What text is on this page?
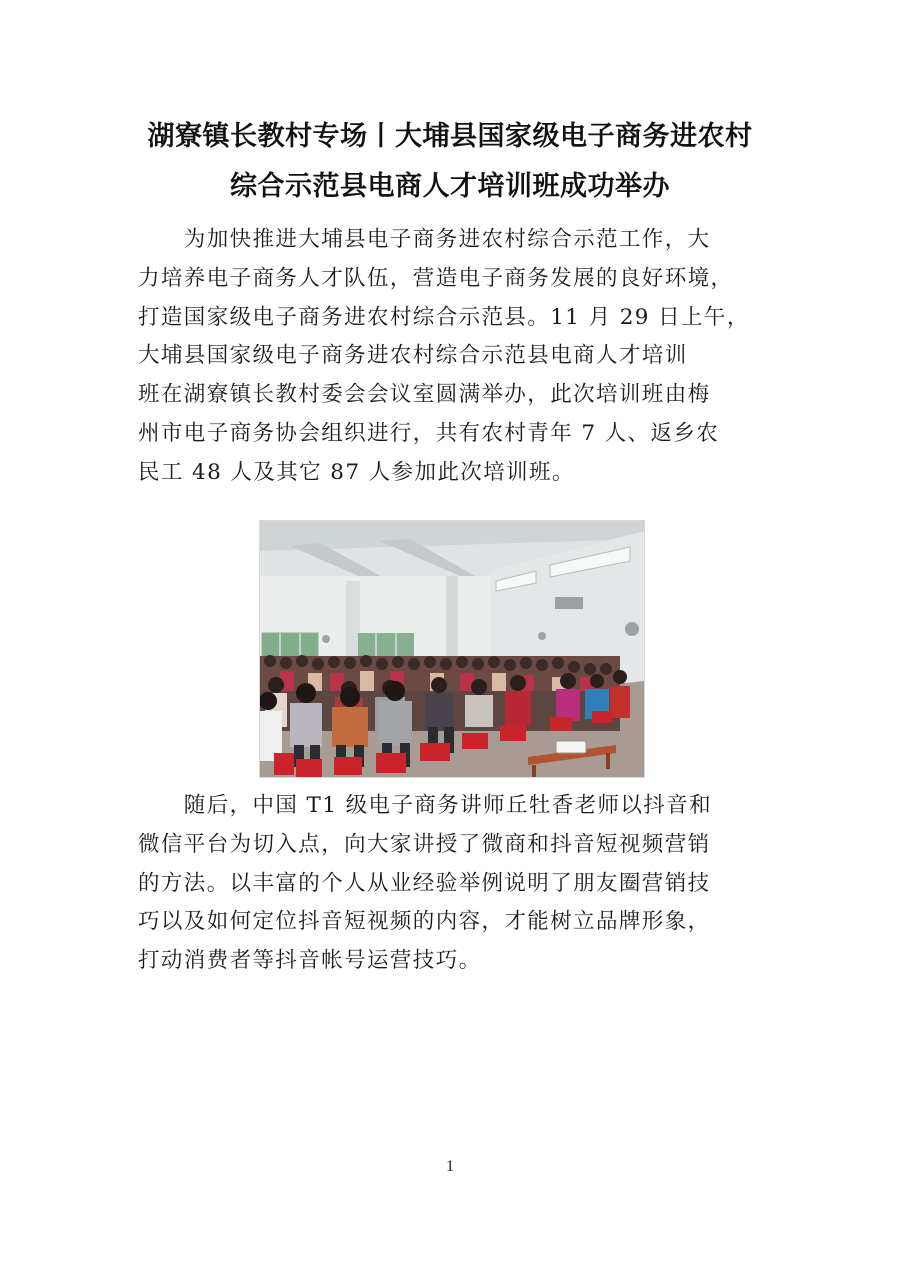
湖寮镇长教村专场丨大埔县国家级电子商务进农村
综合示范县电商人才培训班成功举办

　　为加快推进大埔县电子商务进农村综合示范工作，大
力培养电子商务人才队伍，营造电子商务发展的良好环境，
打造国家级电子商务进农村综合示范县。11 月 29 日上午，
大埔县国家级电子商务进农村综合示范县电商人才培训
班在湖寮镇长教村委会会议室圆满举办，此次培训班由梅
州市电子商务协会组织进行，共有农村青年 7 人、返乡农
民工 48 人及其它 87 人参加此次培训班。

　　随后，中国 T1 级电子商务讲师丘牡香老师以抖音和
微信平台为切入点，向大家讲授了微商和抖音短视频营销
的方法。以丰富的个人从业经验举例说明了朋友圈营销技
巧以及如何定位抖音短视频的内容，才能树立品牌形象，
打动消费者等抖音帐号运营技巧。

1
